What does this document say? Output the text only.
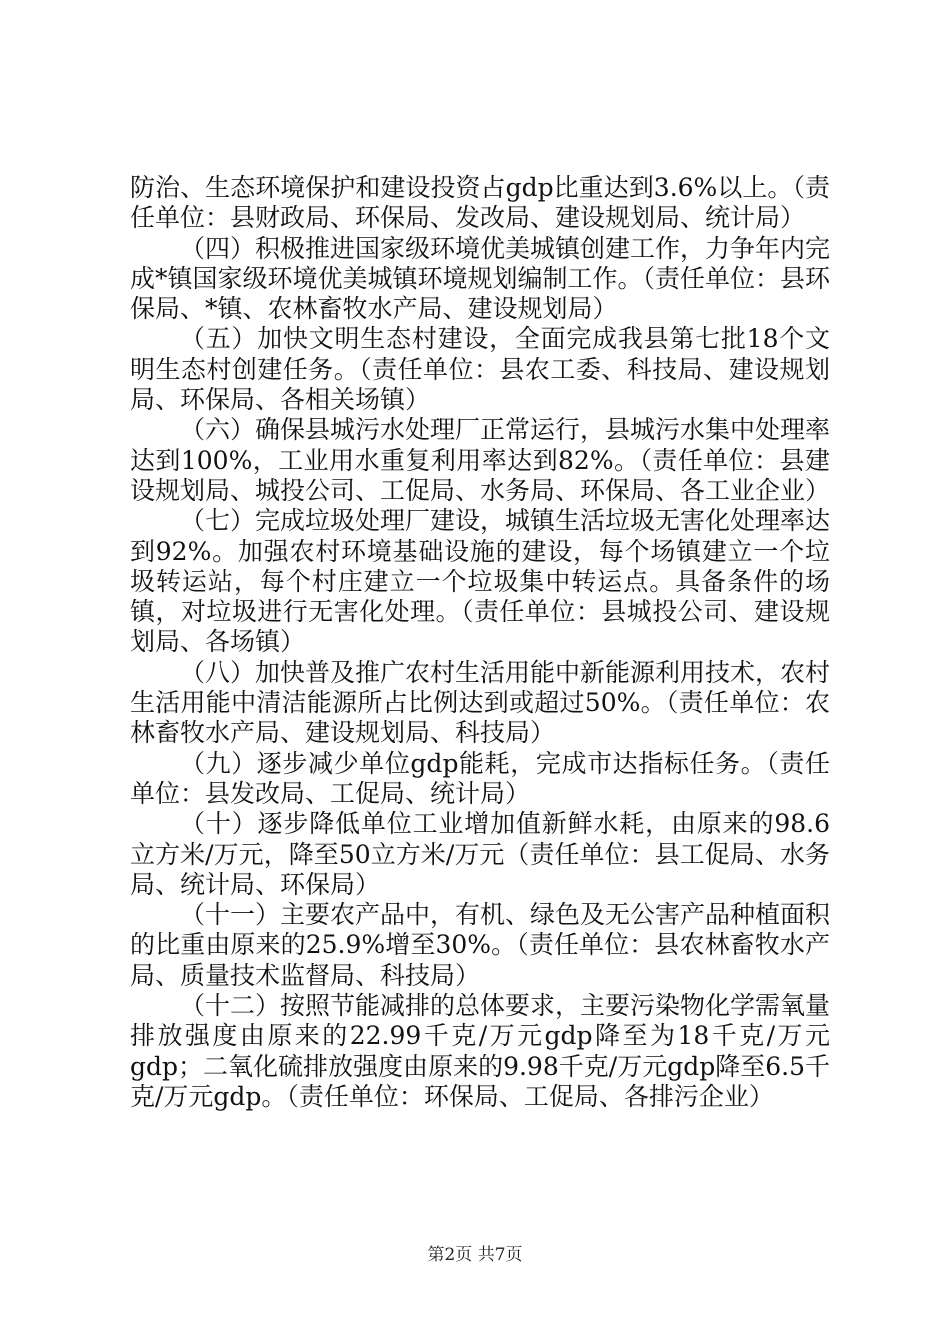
防治、生态环境保护和建设投资占gdp比重达到3.6%以上。（责任单位：县财政局、环保局、发改局、建设规划局、统计局）

（四）积极推进国家级环境优美城镇创建工作，力争年内完成*镇国家级环境优美城镇环境规划编制工作。（责任单位：县环保局、*镇、农林畜牧水产局、建设规划局）

（五）加快文明生态村建设，全面完成我县第七批18个文明生态村创建任务。（责任单位：县农工委、科技局、建设规划局、环保局、各相关场镇）

（六）确保县城污水处理厂正常运行，县城污水集中处理率达到100%，工业用水重复利用率达到82%。（责任单位：县建设规划局、城投公司、工促局、水务局、环保局、各工业企业）

（七）完成垃圾处理厂建设，城镇生活垃圾无害化处理率达到92%。加强农村环境基础设施的建设，每个场镇建立一个垃圾转运站，每个村庄建立一个垃圾集中转运点。具备条件的场镇，对垃圾进行无害化处理。（责任单位：县城投公司、建设规划局、各场镇）

（八）加快普及推广农村生活用能中新能源利用技术，农村生活用能中清洁能源所占比例达到或超过50%。（责任单位：农林畜牧水产局、建设规划局、科技局）

（九）逐步减少单位gdp能耗，完成市达指标任务。（责任单位：县发改局、工促局、统计局）

（十）逐步降低单位工业增加值新鲜水耗，由原来的98.6立方米/万元，降至50立方米/万元（责任单位：县工促局、水务局、统计局、环保局）

（十一）主要农产品中，有机、绿色及无公害产品种植面积的比重由原来的25.9%增至30%。（责任单位：县农林畜牧水产局、质量技术监督局、科技局）

（十二）按照节能减排的总体要求，主要污染物化学需氧量排放强度由原来的22.99千克/万元gdp降至为18千克/万元gdp；二氧化硫排放强度由原来的9.98千克/万元gdp降至6.5千克/万元gdp。（责任单位：环保局、工促局、各排污企业）

第2页 共7页
